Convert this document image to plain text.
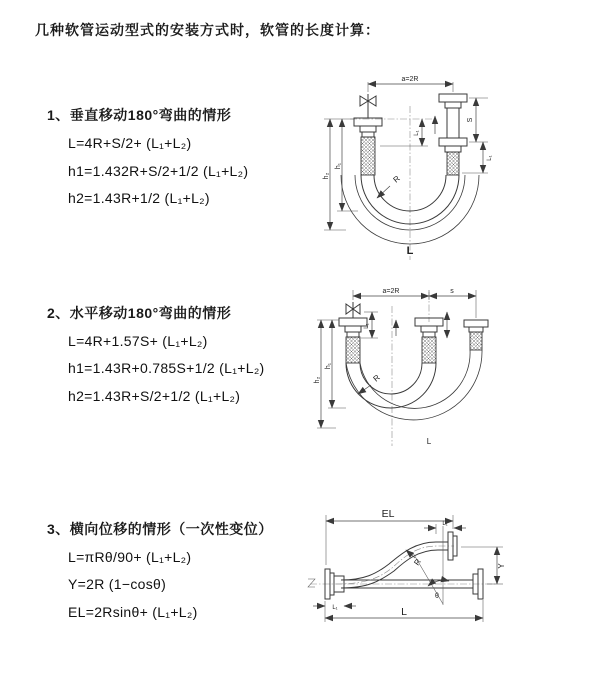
几种软管运动型式的安装方式时，软管的长度计算：
1、垂直移动180°弯曲的情形
L=4R+S/2+ (L₁+L₂)
h1=1.432R+S/2+1/2 (L₁+L₂)
h2=1.43R+1/2 (L₁+L₂)
2、水平移动180°弯曲的情形
L=4R+1.57S+ (L₁+L₂)
h1=1.43R+0.785S+1/2 (L₁+L₂)
h2=1.43R+S/2+1/2 (L₁+L₂)
3、横向位移的情形（一次性变位）
L=πRθ/90+ (L₁+L₂)
Y=2R (1−cosθ)
EL=2Rsinθ+ (L₁+L₂)
a=2R
S
L₁
L₁
h₁
h₂	R
L
a=2R	s
L₁
h₁
h₂	R
L
EL
L₁
Y
θ
R
L
L₁
